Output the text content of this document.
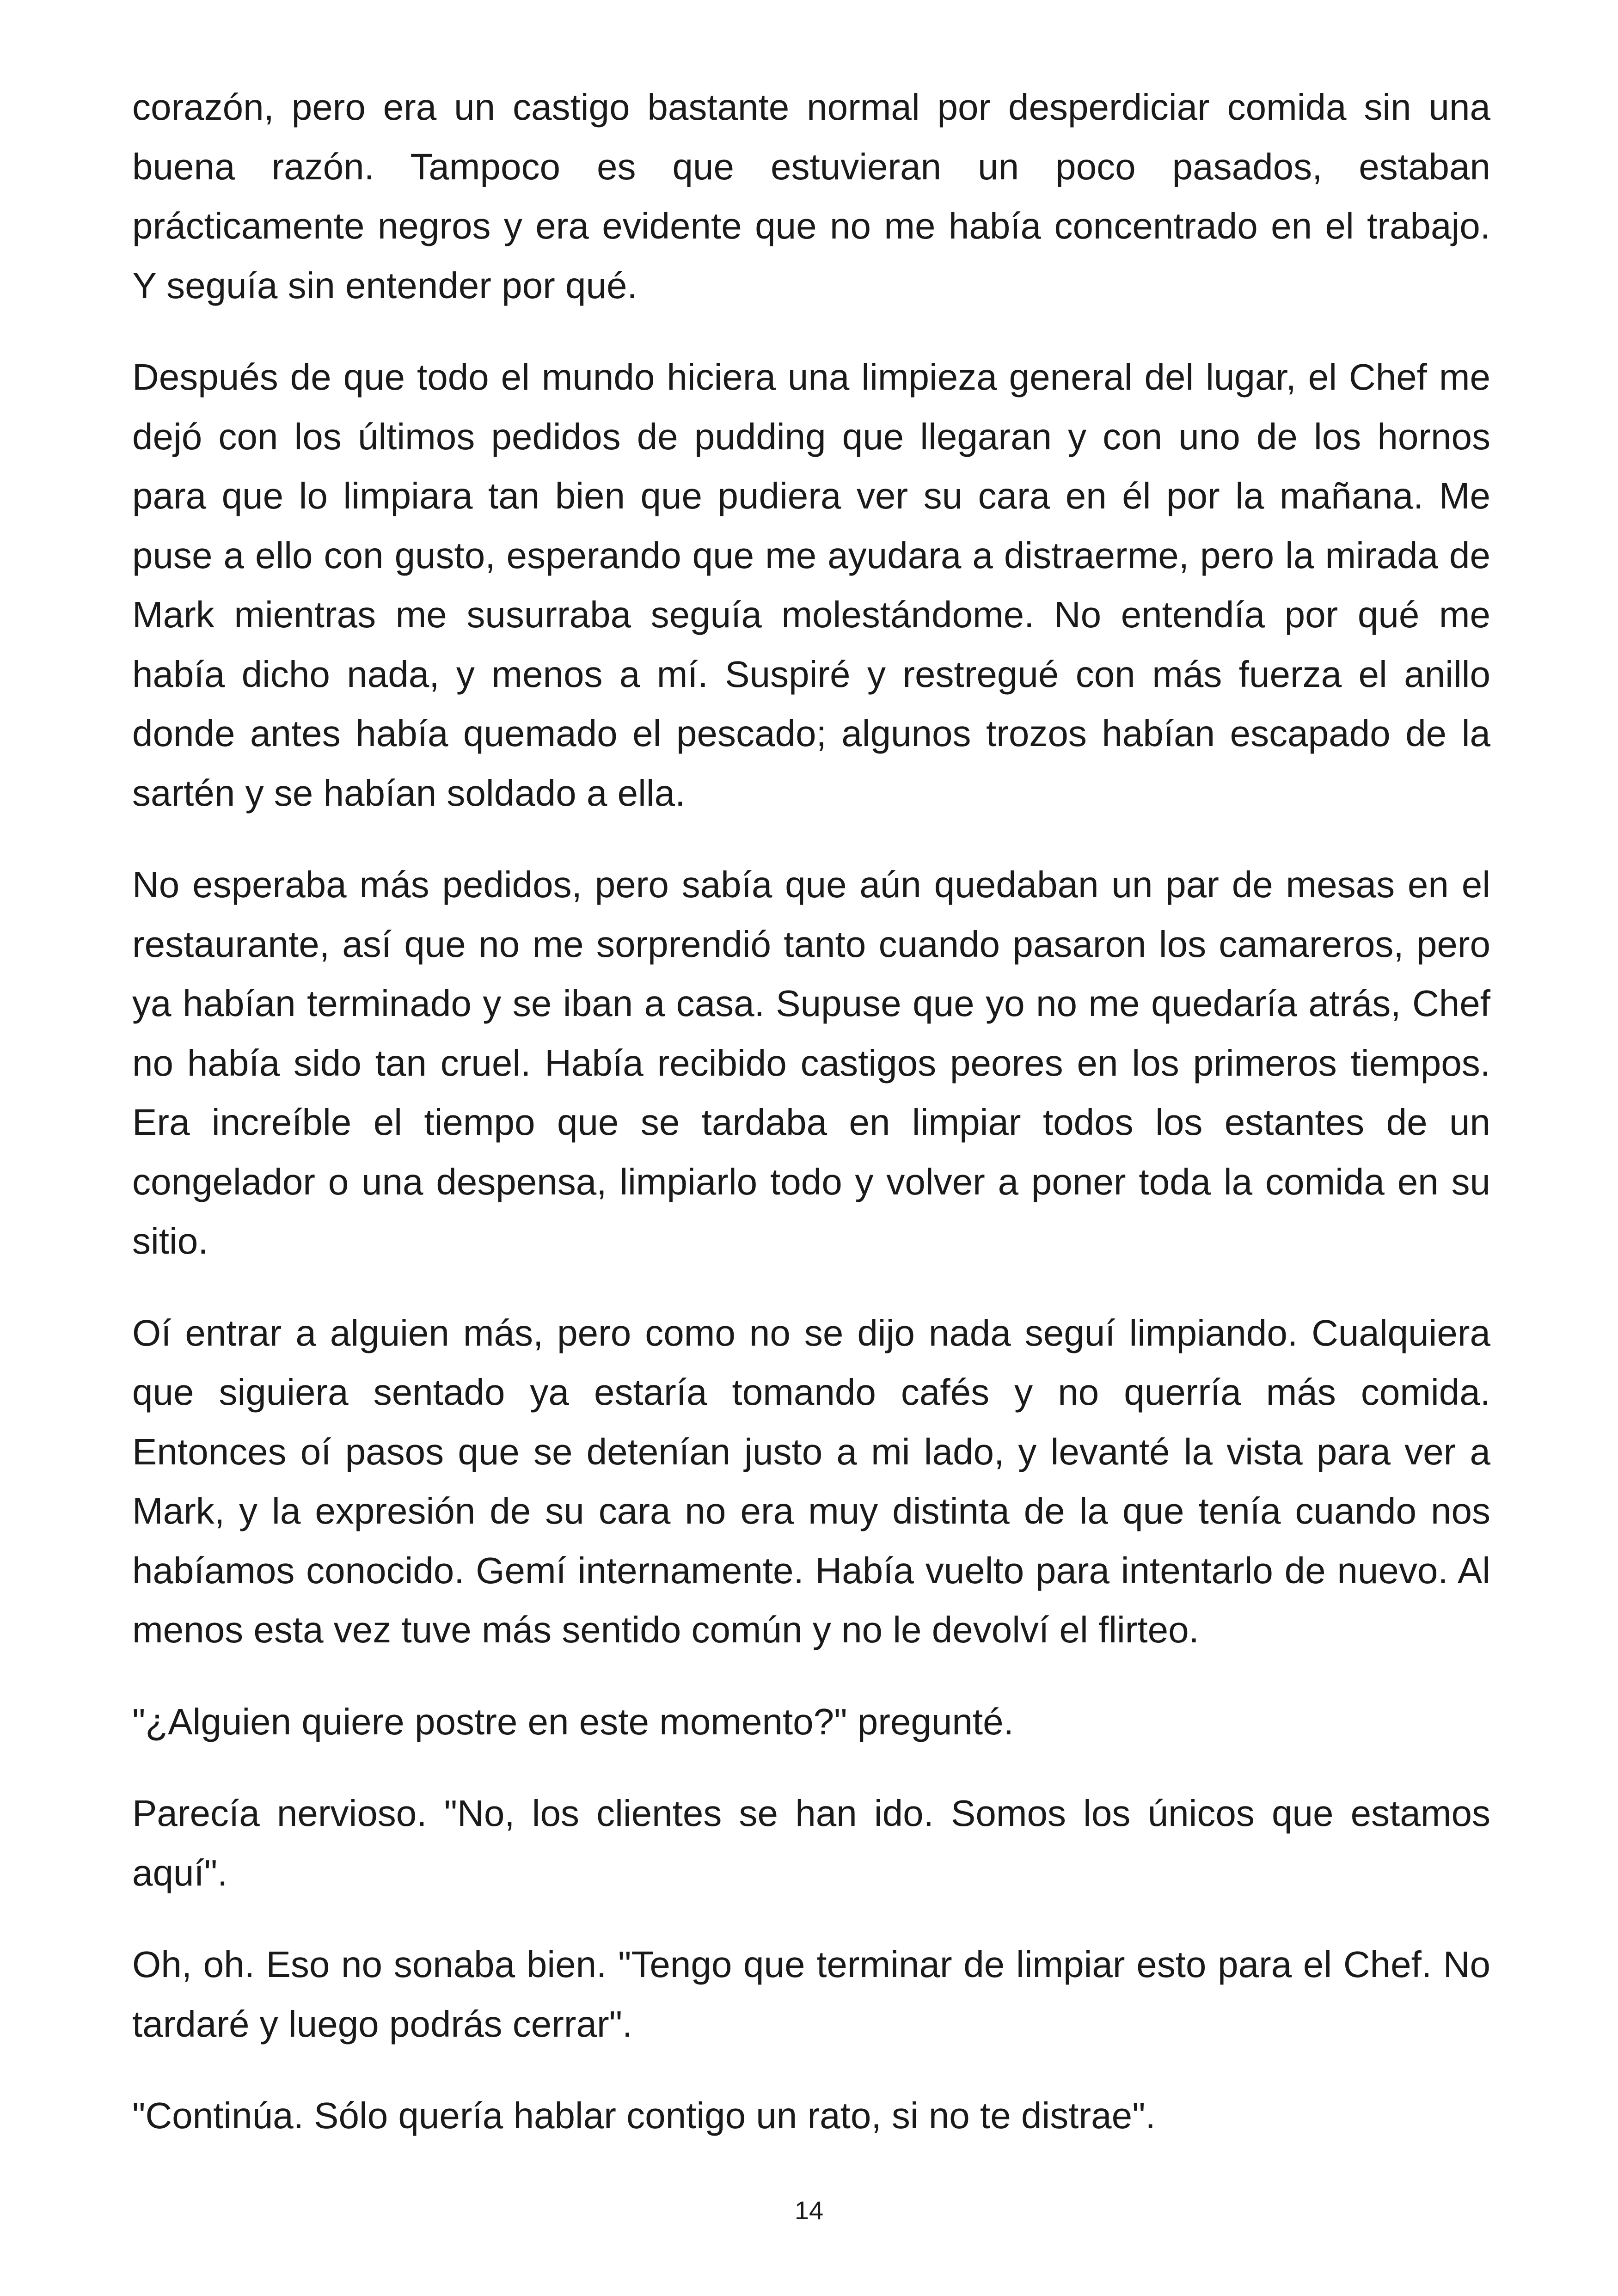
corazón, pero era un castigo bastante normal por desperdiciar comida sin una buena razón. Tampoco es que estuvieran un poco pasados, estaban prácticamente negros y era evidente que no me había concentrado en el trabajo. Y seguía sin entender por qué.

Después de que todo el mundo hiciera una limpieza general del lugar, el Chef me dejó con los últimos pedidos de pudding que llegaran y con uno de los hornos para que lo limpiara tan bien que pudiera ver su cara en él por la mañana. Me puse a ello con gusto, esperando que me ayudara a distraerme, pero la mirada de Mark mientras me susurraba seguía molestándome. No entendía por qué me había dicho nada, y menos a mí. Suspiré y restregué con más fuerza el anillo donde antes había quemado el pescado; algunos trozos habían escapado de la sartén y se habían soldado a ella.

No esperaba más pedidos, pero sabía que aún quedaban un par de mesas en el restaurante, así que no me sorprendió tanto cuando pasaron los camareros, pero ya habían terminado y se iban a casa. Supuse que yo no me quedaría atrás, Chef no había sido tan cruel. Había recibido castigos peores en los primeros tiempos. Era increíble el tiempo que se tardaba en limpiar todos los estantes de un congelador o una despensa, limpiarlo todo y volver a poner toda la comida en su sitio.

Oí entrar a alguien más, pero como no se dijo nada seguí limpiando. Cualquiera que siguiera sentado ya estaría tomando cafés y no querría más comida. Entonces oí pasos que se detenían justo a mi lado, y levanté la vista para ver a Mark, y la expresión de su cara no era muy distinta de la que tenía cuando nos habíamos conocido. Gemí internamente. Había vuelto para intentarlo de nuevo. Al menos esta vez tuve más sentido común y no le devolví el flirteo.

"¿Alguien quiere postre en este momento?" pregunté.

Parecía nervioso. "No, los clientes se han ido. Somos los únicos que estamos aquí".

Oh, oh. Eso no sonaba bien. "Tengo que terminar de limpiar esto para el Chef. No tardaré y luego podrás cerrar".

"Continúa. Sólo quería hablar contigo un rato, si no te distrae".

14
